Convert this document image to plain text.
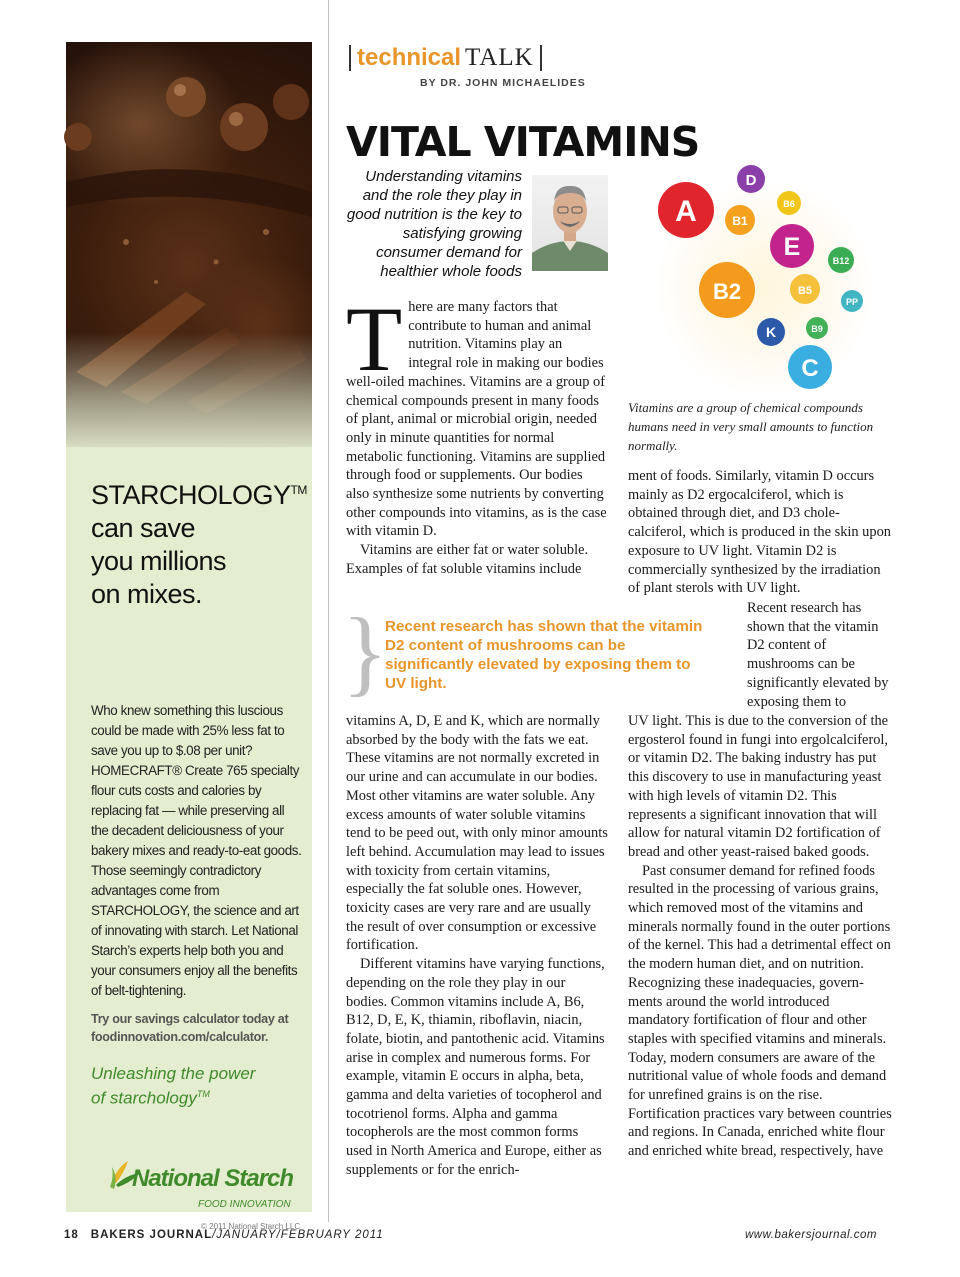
STARCHOLOGY™
can save
you millions
on mixes.
Who knew something this luscious could be made with 25% less fat to save you up to $.08 per unit? HOMECRAFT® Create 765 specialty flour cuts costs and calories by replacing fat — while preserving all the decadent deliciousness of your bakery mixes and ready-to-eat goods. Those seemingly contradictory advantages come from STARCHOLOGY, the science and art of innovating with starch. Let National Starch’s experts help both you and your consumers enjoy all the benefits of belt-tightening.
Try our savings calculator today at foodinnovation.com/calculator.
Unleashing the power
of starchology™
National Starch
FOOD INNOVATION
© 2011 National Starch LLC
technical TALK
BY DR. JOHN MICHAELIDES
VITAL VITAMINS
Understanding vitamins and the role they play in good nutrition is the key to satisfying growing consumer demand for healthier whole foods
A
D
B1
B6
E	B12
B2	B5
PP
K	B9
C
Vitamins are a group of chemical compounds humans need in very small amounts to function normally.

There are many factors that contribute to human and animal nutrition. Vitamins play an integral role in making our bodies well-oiled machines. Vitamins are a group of chemical compounds present in many foods of plant, animal or microbial origin, needed only in minute quantities for normal metabolic functioning. Vitamins are supplied through food or supplements. Our bodies also synthesize some nutrients by converting other compounds into vitamins, as is the case with vitamin D.

Vitamins are either fat or water soluble. Examples of fat soluble vitamins include

}
Recent research has shown that the vitamin D2 content of mushrooms can be significantly elevated by exposing them to UV light.

vitamins A, D, E and K, which are normally absorbed by the body with the fats we eat. These vitamins are not normally excreted in our urine and can accumulate in our bodies. Most other vitamins are water soluble. Any excess amounts of water soluble vitamins tend to be peed out, with only minor amounts left behind. Accumulation may lead to issues with toxicity from certain vitamins, especially the fat soluble ones. However, toxicity cases are very rare and are usually the result of over consumption or excessive fortification.

Different vitamins have varying functions, depending on the role they play in our bodies. Common vitamins include A, B6, B12, D, E, K, thiamin, riboflavin, niacin, folate, biotin, and pantothenic acid. Vitamins arise in complex and numerous forms. For example, vitamin E occurs in alpha, beta, gamma and delta varieties of tocopherol and tocotrienol forms. Alpha and gamma tocopherols are the most common forms used in North America and Europe, either as supplements or for the enrich-

ment of foods. Similarly, vitamin D occurs mainly as D2 ergocalciferol, which is obtained through diet, and D3 chole-calciferol, which is produced in the skin upon exposure to UV light. Vitamin D2 is commercially synthesized by the irradiation of plant sterols with UV light.

Recent research has shown that the vitamin D2 content of mushrooms can be significantly elevated by exposing them to

UV light. This is due to the conversion of the ergosterol found in fungi into ergolcalciferol, or vitamin D2. The baking industry has put this discovery to use in manufacturing yeast with high levels of vitamin D2. This represents a significant innovation that will allow for natural vitamin D2 fortification of bread and other yeast-raised baked goods.

Past consumer demand for refined foods resulted in the processing of various grains, which removed most of the vitamins and minerals normally found in the outer portions of the kernel. This had a detrimental effect on the modern human diet, and on nutrition. Recognizing these inadequacies, govern-ments around the world introduced mandatory fortification of flour and other staples with specified vitamins and minerals. Today, modern consumers are aware of the nutritional value of whole foods and demand for unrefined grains is on the rise. Fortification practices vary between countries and regions. In Canada, enriched white flour and enriched white bread, respectively, have

18 BAKERS JOURNAL/JANUARY/FEBRUARY 2011	www.bakersjournal.com
